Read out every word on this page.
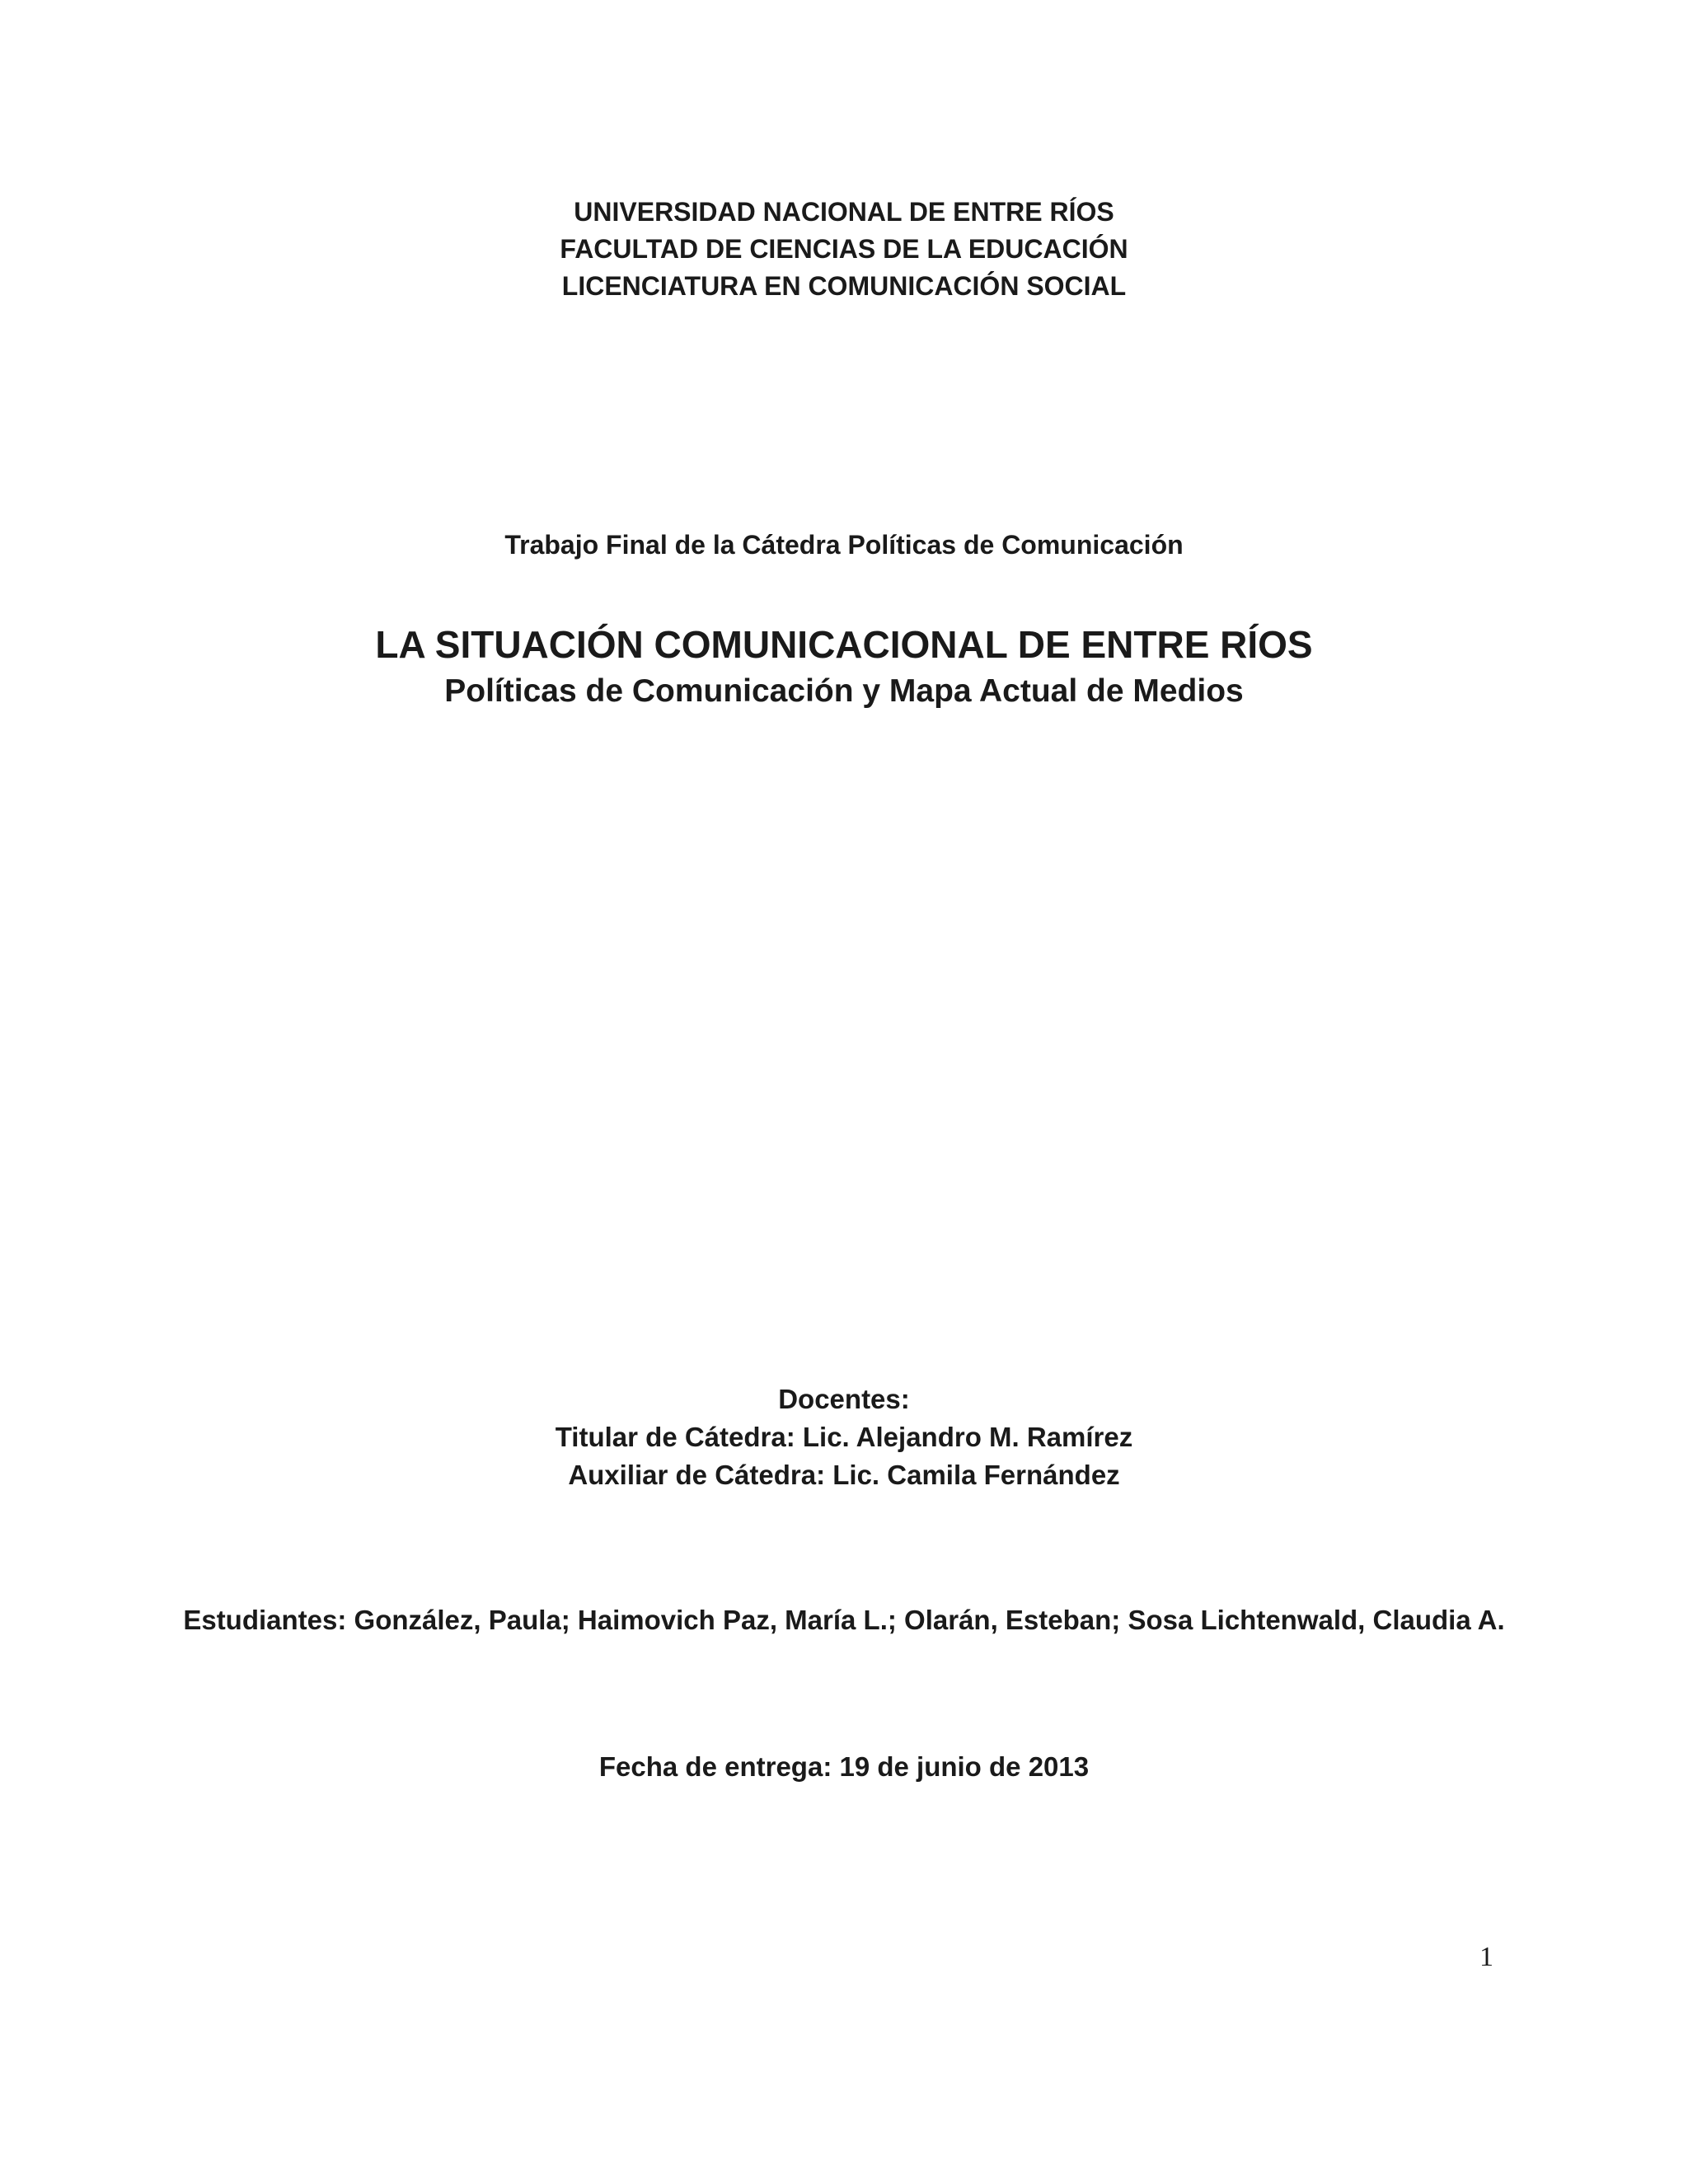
UNIVERSIDAD NACIONAL DE ENTRE RÍOS
FACULTAD DE CIENCIAS DE LA EDUCACIÓN
LICENCIATURA EN COMUNICACIÓN SOCIAL
Trabajo Final de la Cátedra Políticas de Comunicación
LA SITUACIÓN COMUNICACIONAL DE ENTRE RÍOS
Políticas de Comunicación y Mapa Actual de Medios
Docentes:
Titular de Cátedra: Lic. Alejandro M. Ramírez
Auxiliar de Cátedra: Lic. Camila Fernández
Estudiantes: González, Paula; Haimovich Paz, María L.; Olarán, Esteban; Sosa Lichtenwald, Claudia A.
Fecha de entrega: 19 de junio de 2013
1
